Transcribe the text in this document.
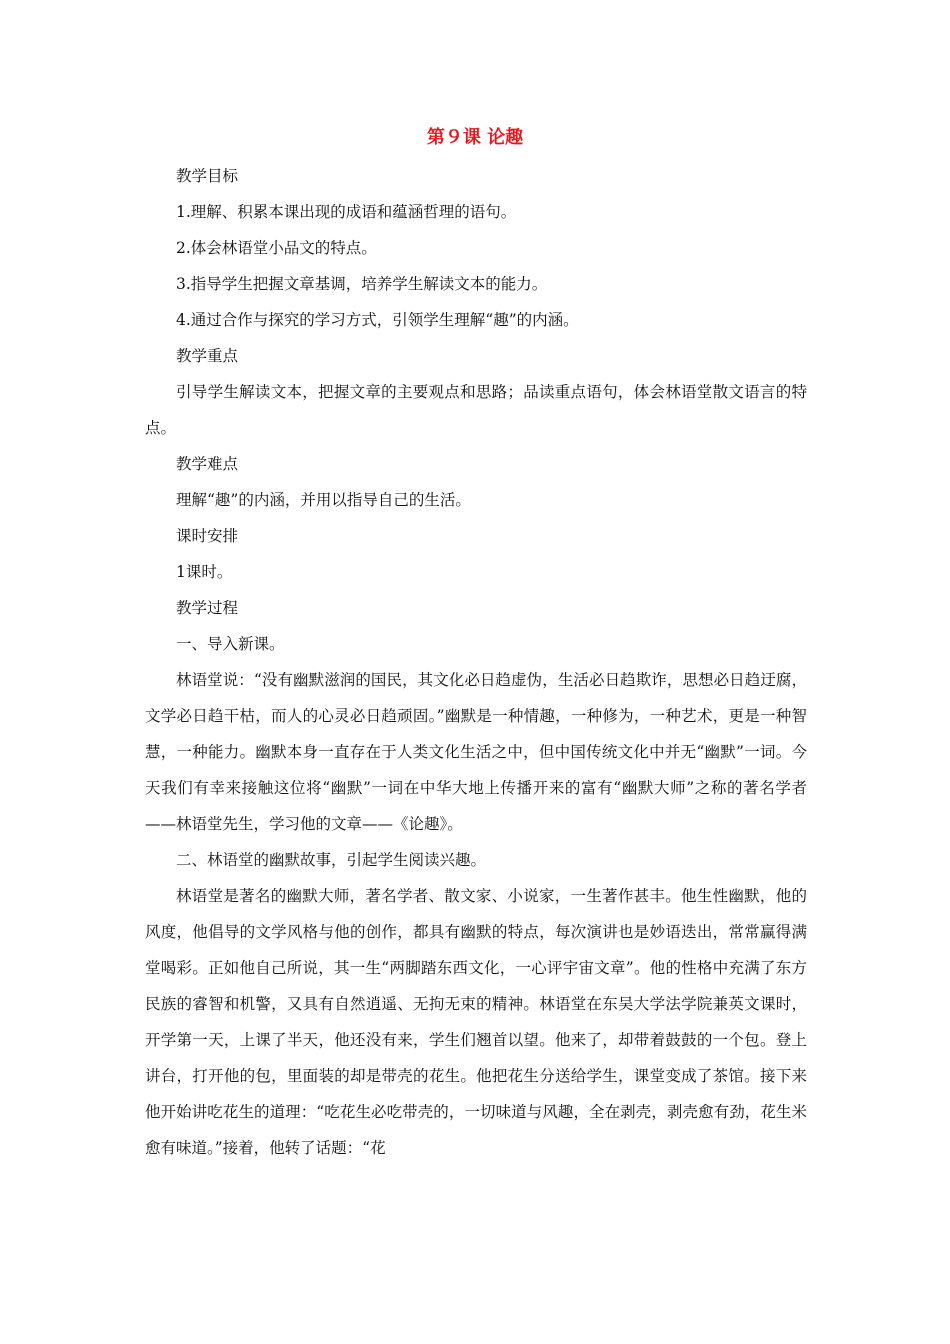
第９课 论趣

教学目标

1.理解、积累本课出现的成语和蕴涵哲理的语句。

2.体会林语堂小品文的特点。

3.指导学生把握文章基调，培养学生解读文本的能力。

4.通过合作与探究的学习方式，引领学生理解“趣”的内涵。

教学重点

引导学生解读文本，把握文章的主要观点和思路；品读重点语句，体会林语堂散文语言的特点。

教学难点

理解“趣”的内涵，并用以指导自己的生活。

课时安排

1课时。

教学过程

一、导入新课。

林语堂说：“没有幽默滋润的国民，其文化必日趋虚伪，生活必日趋欺诈，思想必日趋迂腐，文学必日趋干枯，而人的心灵必日趋顽固。”幽默是一种情趣，一种修为，一种艺术，更是一种智慧，一种能力。幽默本身一直存在于人类文化生活之中，但中国传统文化中并无“幽默”一词。今天我们有幸来接触这位将“幽默”一词在中华大地上传播开来的富有“幽默大师”之称的著名学者——林语堂先生，学习他的文章——《论趣》。

二、林语堂的幽默故事，引起学生阅读兴趣。

林语堂是著名的幽默大师，著名学者、散文家、小说家，一生著作甚丰。他生性幽默，他的风度，他倡导的文学风格与他的创作，都具有幽默的特点，每次演讲也是妙语迭出，常常赢得满堂喝彩。正如他自己所说，其一生“两脚踏东西文化，一心评宇宙文章”。他的性格中充满了东方民族的睿智和机警，又具有自然逍遥、无拘无束的精神。林语堂在东吴大学法学院兼英文课时，开学第一天，上课了半天，他还没有来，学生们翘首以望。他来了，却带着鼓鼓的一个包。登上讲台，打开他的包，里面装的却是带壳的花生。他把花生分送给学生，课堂变成了茶馆。接下来他开始讲吃花生的道理：“吃花生必吃带壳的，一切味道与风趣，全在剥壳，剥壳愈有劲，花生米愈有味道。”接着，他转了话题：“花
